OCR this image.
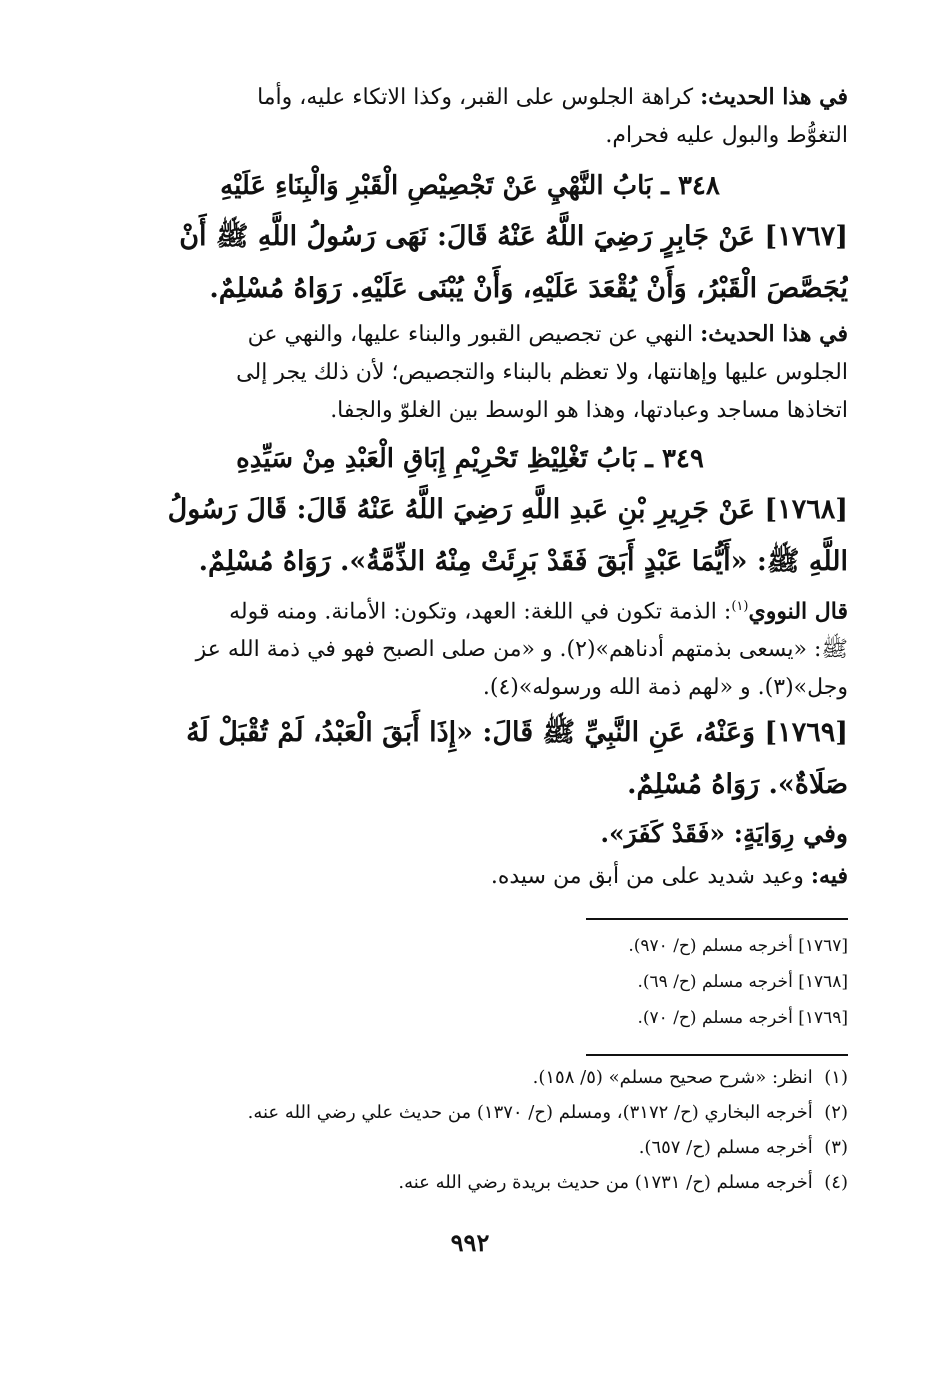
في هذا الحديث: كراهة الجلوس على القبر، وكذا الاتكاء عليه، وأما
التغوُّط والبول عليه فحرام.
٣٤٨ ـ بَابُ النَّهْيِ عَنْ تَجْصِيْصِ الْقَبْرِ وَالْبِنَاءِ عَلَيْهِ
[١٧٦٧] عَنْ جَابِرٍ رَضِيَ اللَّهُ عَنْهُ قَالَ: نَهَى رَسُولُ اللَّهِ ﷺ أَنْ
يُجَصَّصَ الْقَبْرُ، وَأَنْ يُقْعَدَ عَلَيْهِ، وَأَنْ يُبْنَى عَلَيْهِ. رَوَاهُ مُسْلِمٌ.
في هذا الحديث: النهي عن تجصيص القبور والبناء عليها، والنهي عن
الجلوس عليها وإهانتها، ولا تعظم بالبناء والتجصيص؛ لأن ذلك يجر إلى
اتخاذها مساجد وعبادتها، وهذا هو الوسط بين الغلوّ والجفا.
٣٤٩ ـ بَابُ تَغْلِيْظِ تَحْرِيْمِ إِبَاقِ الْعَبْدِ مِنْ سَيِّدِهِ
[١٧٦٨] عَنْ جَرِيرِ بْنِ عَبدِ اللَّهِ رَضِيَ اللَّهُ عَنْهُ قَالَ: قَالَ رَسُولُ
اللَّهِ ﷺ: «أَيُّمَا عَبْدٍ أَبَقَ فَقَدْ بَرِئَتْ مِنْهُ الذِّمَّةُ». رَوَاهُ مُسْلِمٌ.
قال النووي$^{(١)}$: الذمة تكون في اللغة: العهد، وتكون: الأمانة. ومنه قوله
ﷺ: «يسعى بذمتهم أدناهم»(٢). و «من صلى الصبح فهو في ذمة الله عز
وجل»(٣). و «لهم ذمة الله ورسوله»(٤).
[١٧٦٩] وَعَنْهُ، عَنِ النَّبِيِّ ﷺ قَالَ: «إِذَا أَبَقَ الْعَبْدُ، لَمْ تُقْبَلْ لَهُ
صَلَاةٌ». رَوَاهُ مُسْلِمٌ.
وفي رِوَايَةٍ: «فَقَدْ كَفَرَ».
فيه: وعيد شديد على من أبق من سيده.
[١٧٦٧] أخرجه مسلم (ح/ ٩٧٠).
[١٧٦٨] أخرجه مسلم (ح/ ٦٩).
[١٧٦٩] أخرجه مسلم (ح/ ٧٠).
(١)  انظر: «شرح صحيح مسلم» (٥/ ١٥٨).
(٢)  أخرجه البخاري (ح/ ٣١٧٢)، ومسلم (ح/ ١٣٧٠) من حديث علي رضي الله عنه.
(٣)  أخرجه مسلم (ح/ ٦٥٧).
(٤)  أخرجه مسلم (ح/ ١٧٣١) من حديث بريدة رضي الله عنه.
٩٩٢
